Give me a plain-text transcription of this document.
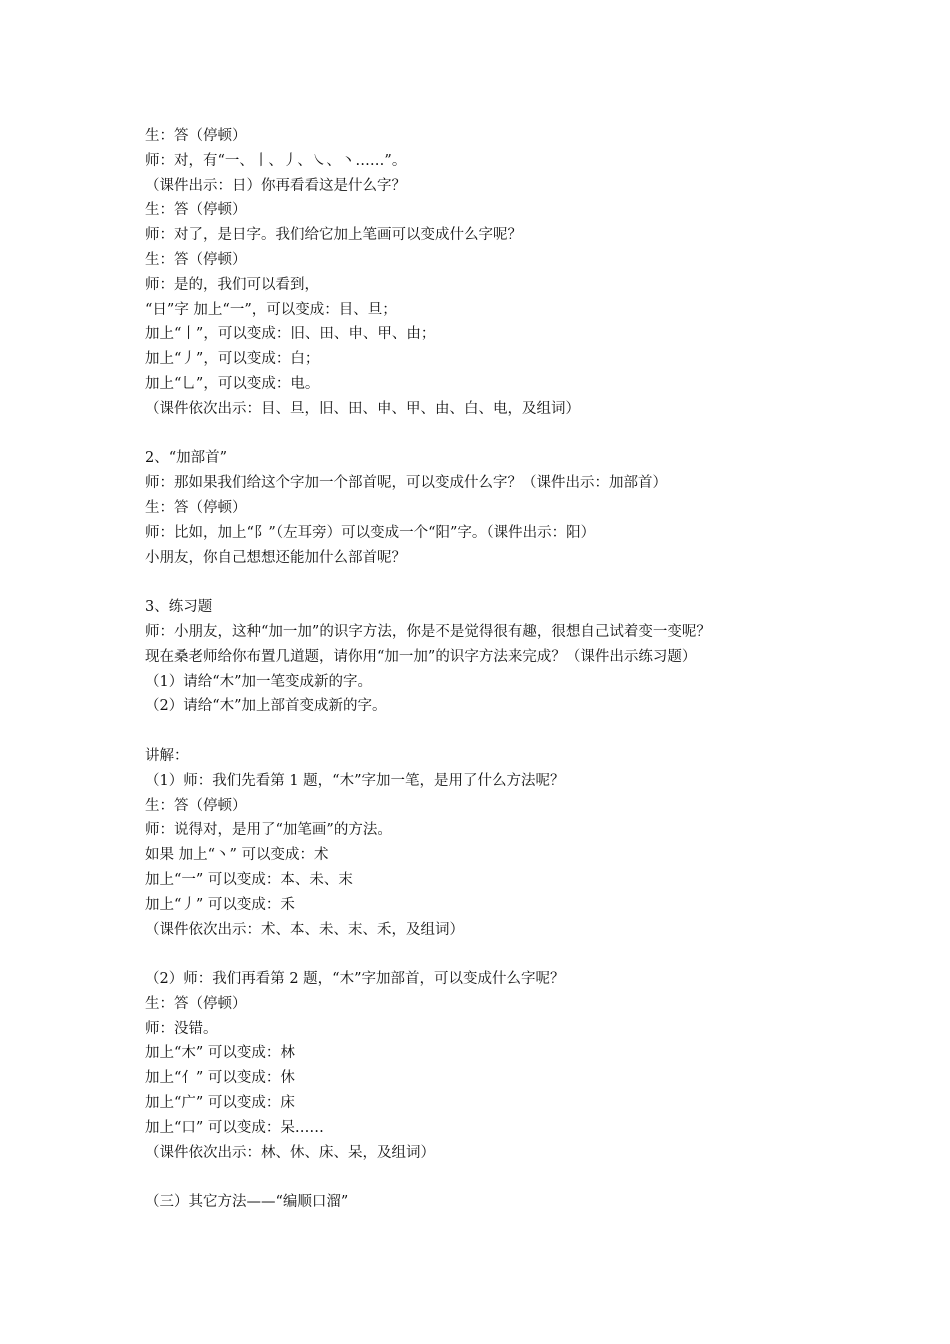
生：答（停顿）
师：对，有“一、丨、丿、㇏、丶……”。
（课件出示：日）你再看看这是什么字？
生：答（停顿）
师：对了，是日字。我们给它加上笔画可以变成什么字呢？
生：答（停顿）
师：是的，我们可以看到，
“日”字 加上“一”，可以变成：目、旦；
加上“丨”，可以变成：旧、田、申、甲、由；
加上“丿”，可以变成：白；
加上“乚”，可以变成：电。
（课件依次出示：目、旦，旧、田、申、甲、由、白、电，及组词）
2、“加部首”
师：那如果我们给这个字加一个部首呢，可以变成什么字？（课件出示：加部首）
生：答（停顿）
师：比如，加上“阝”（左耳旁）可以变成一个“阳”字。（课件出示：阳）
小朋友，你自己想想还能加什么部首呢？
3、练习题
师：小朋友，这种“加一加”的识字方法，你是不是觉得很有趣，很想自己试着变一变呢？
现在桑老师给你布置几道题，请你用“加一加”的识字方法来完成？（课件出示练习题）
（1）请给“木”加一笔变成新的字。
（2）请给“木”加上部首变成新的字。
讲解：
（1）师：我们先看第 1 题，“木”字加一笔，是用了什么方法呢？
生：答（停顿）
师：说得对，是用了“加笔画”的方法。
如果 加上“丶” 可以变成：术
加上“一” 可以变成：本、未、末
加上“丿” 可以变成：禾
（课件依次出示：术、本、未、末、禾，及组词）
（2）师：我们再看第 2 题，“木”字加部首，可以变成什么字呢？
生：答（停顿）
师：没错。
加上“木” 可以变成：林
加上“亻” 可以变成：休
加上“广” 可以变成：床
加上“口” 可以变成：呆……
（课件依次出示：林、休、床、呆，及组词）
（三）其它方法——“编顺口溜”
